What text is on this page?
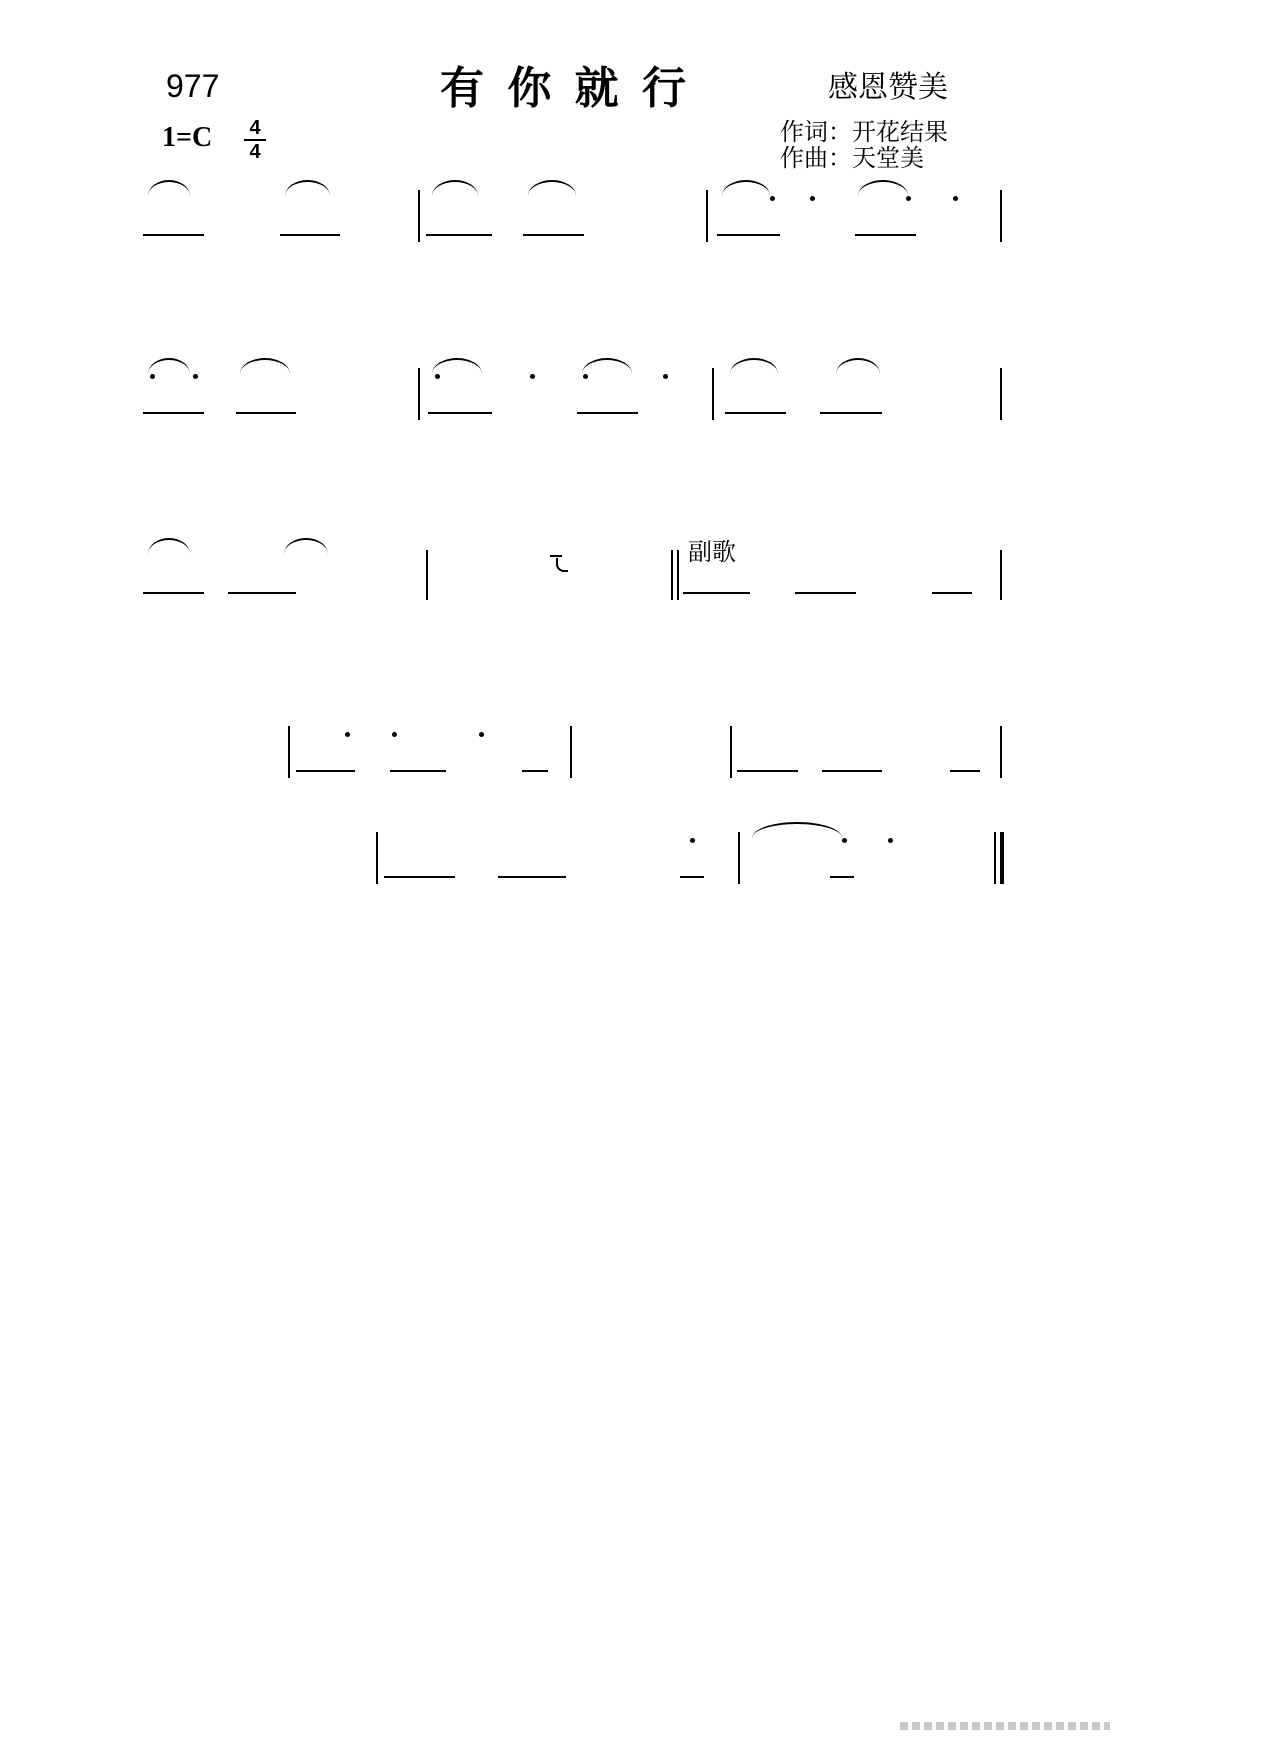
977	有 你 就 行	感恩赞美
1=C 4
4
作词：开花结果
作曲：天堂美
副歌
